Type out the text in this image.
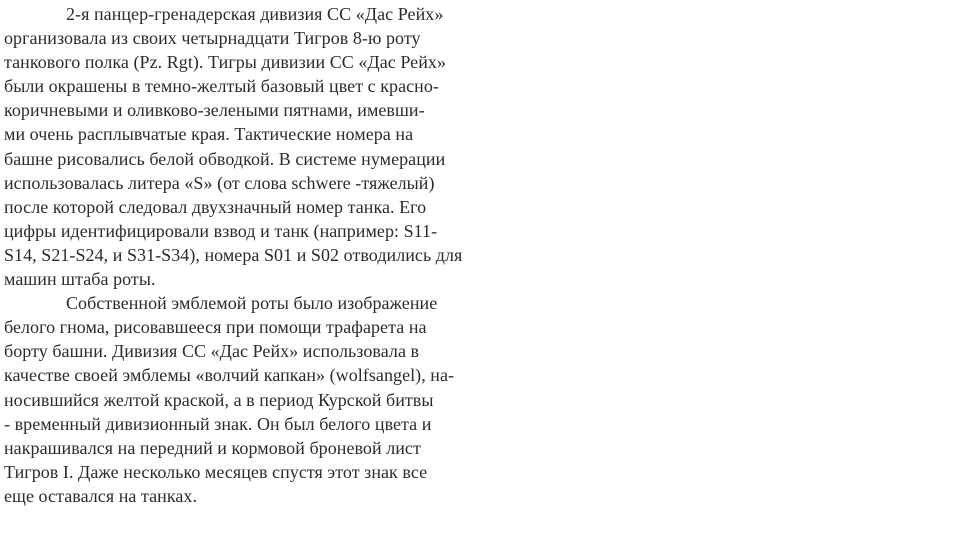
2-я панцер-гренадерская дивизия СС «Дас Рейх»
организовала из своих четырнадцати Тигров 8-ю роту
танкового полка (Pz. Rgt). Тигры дивизии СС «Дас Рейх»
были окрашены в темно-желтый базовый цвет с красно-
коричневыми и оливково-зелеными пятнами, имевши-
ми очень расплывчатые края. Тактические номера на
башне рисовались белой обводкой. В системе нумерации
использовалась литера «S» (от слова schwere -тяжелый)
после которой следовал двухзначный номер танка. Его
цифры идентифицировали взвод и танк (например: S11-
S14, S21-S24, и S31-S34), номера S01 и S02 отводились для
машин штаба роты.
Собственной эмблемой роты было изображение
белого гнома, рисовавшееся при помощи трафарета на
борту башни. Дивизия СС «Дас Рейх» использовала в
качестве своей эмблемы «волчий капкан» (wolfsangel), на-
носившийся желтой краской, а в период Курской битвы
- временный дивизионный знак. Он был белого цвета и
накрашивался на передний и кормовой броневой лист
Тигров I. Даже несколько месяцев спустя этот знак все
еще оставался на танках.
